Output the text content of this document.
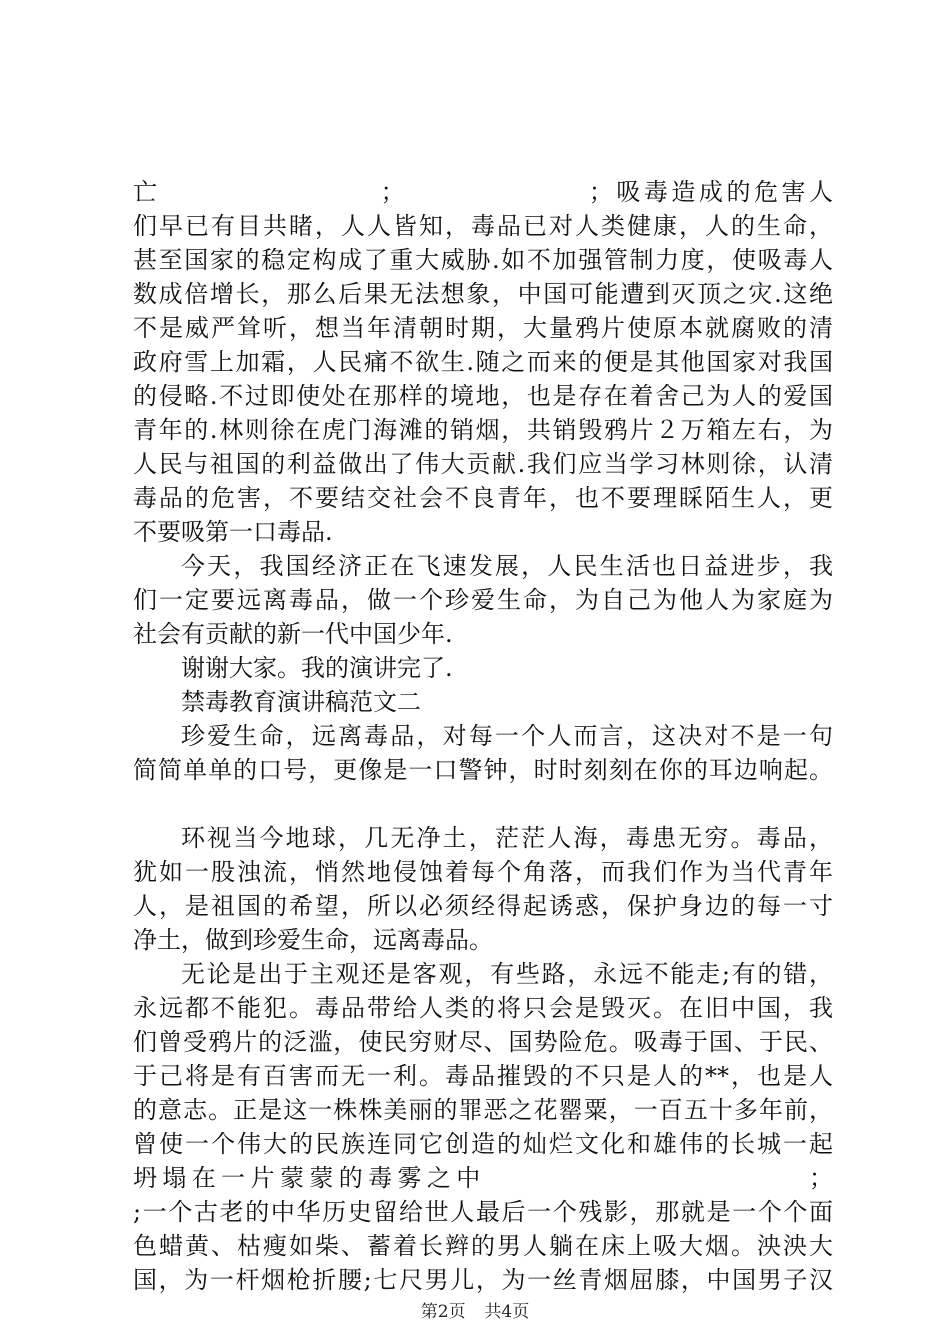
亡　　　　　　　　；　　　　　　　；吸毒造成的危害人
们早已有目共睹，人人皆知，毒品已对人类健康，人的生命，
甚至国家的稳定构成了重大威胁.如不加强管制力度，使吸毒人
数成倍增长，那么后果无法想象，中国可能遭到灭顶之灾.这绝
不是威严耸听，想当年清朝时期，大量鸦片使原本就腐败的清
政府雪上加霜，人民痛不欲生.随之而来的便是其他国家对我国
的侵略.不过即使处在那样的境地，也是存在着舍己为人的爱国
青年的.林则徐在虎门海滩的销烟，共销毁鸦片２万箱左右，为
人民与祖国的利益做出了伟大贡献.我们应当学习林则徐，认清
毒品的危害，不要结交社会不良青年，也不要理睬陌生人，更
不要吸第一口毒品.
今天，我国经济正在飞速发展，人民生活也日益进步，我
们一定要远离毒品，做一个珍爱生命，为自己为他人为家庭为
社会有贡献的新一代中国少年.
谢谢大家。我的演讲完了.
禁毒教育演讲稿范文二
珍爱生命，远离毒品，对每一个人而言，这决对不是一句
简简单单的口号，更像是一口警钟，时时刻刻在你的耳边响起。
环视当今地球，几无净土，茫茫人海，毒患无穷。毒品，
犹如一股浊流，悄然地侵蚀着每个角落，而我们作为当代青年
人，是祖国的希望，所以必须经得起诱惑，保护身边的每一寸
净土，做到珍爱生命，远离毒品。
无论是出于主观还是客观，有些路，永远不能走;有的错，
永远都不能犯。毒品带给人类的将只会是毁灭。在旧中国，我
们曾受鸦片的泛滥，使民穷财尽、国势险危。吸毒于国、于民、
于己将是有百害而无一利。毒品摧毁的不只是人的**，也是人
的意志。正是这一株株美丽的罪恶之花罂粟，一百五十多年前，
曾使一个伟大的民族连同它创造的灿烂文化和雄伟的长城一起
坍塌在一片蒙蒙的毒雾之中　　　　　　　　　　　；
;一个古老的中华历史留给世人最后一个残影，那就是一个个面
色蜡黄、枯瘦如柴、蓄着长辫的男人躺在床上吸大烟。泱泱大
国，为一杆烟枪折腰;七尺男儿，为一丝青烟屈膝，中国男子汉
第2页 共4页
